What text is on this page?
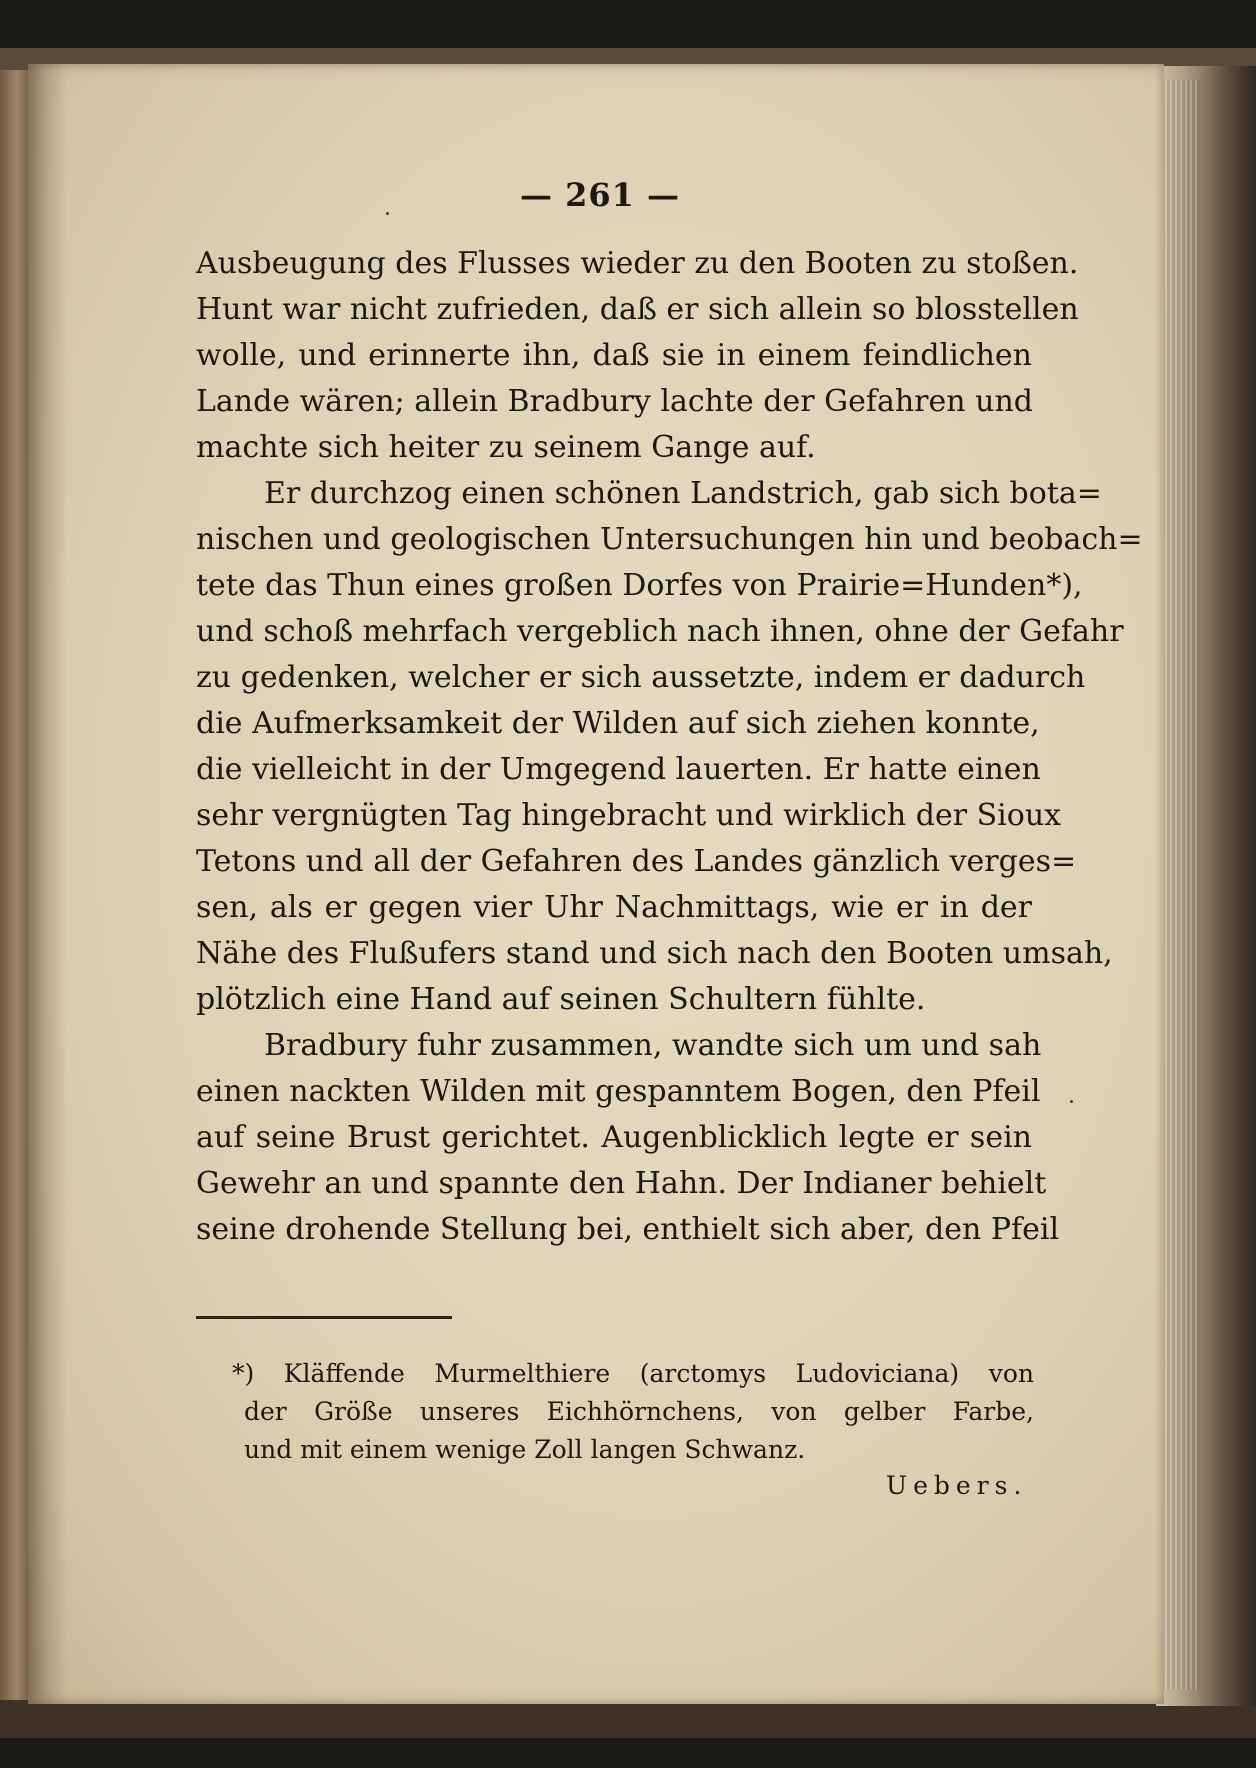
— 261 —
Ausbeugung des Flusses wieder zu den Booten zu stoßen.
Hunt war nicht zufrieden, daß er sich allein so blosstellen
wolle, und erinnerte ihn, daß sie in einem feindlichen
Lande wären; allein Bradbury lachte der Gefahren und
machte sich heiter zu seinem Gange auf.
Er durchzog einen schönen Landstrich, gab sich bota=
nischen und geologischen Untersuchungen hin und beobach=
tete das Thun eines großen Dorfes von Prairie=Hunden*),
und schoß mehrfach vergeblich nach ihnen, ohne der Gefahr
zu gedenken, welcher er sich aussetzte, indem er dadurch
die Aufmerksamkeit der Wilden auf sich ziehen konnte,
die vielleicht in der Umgegend lauerten. Er hatte einen
sehr vergnügten Tag hingebracht und wirklich der Sioux
Tetons und all der Gefahren des Landes gänzlich verges=
sen, als er gegen vier Uhr Nachmittags, wie er in der
Nähe des Flußufers stand und sich nach den Booten umsah,
plötzlich eine Hand auf seinen Schultern fühlte.
Bradbury fuhr zusammen, wandte sich um und sah
einen nackten Wilden mit gespanntem Bogen, den Pfeil
auf seine Brust gerichtet. Augenblicklich legte er sein
Gewehr an und spannte den Hahn. Der Indianer behielt
seine drohende Stellung bei, enthielt sich aber, den Pfeil
*) Kläffende Murmelthiere (arctomys Ludoviciana) von
der Größe unseres Eichhörnchens, von gelber Farbe,
und mit einem wenige Zoll langen Schwanz.
Uebers.
